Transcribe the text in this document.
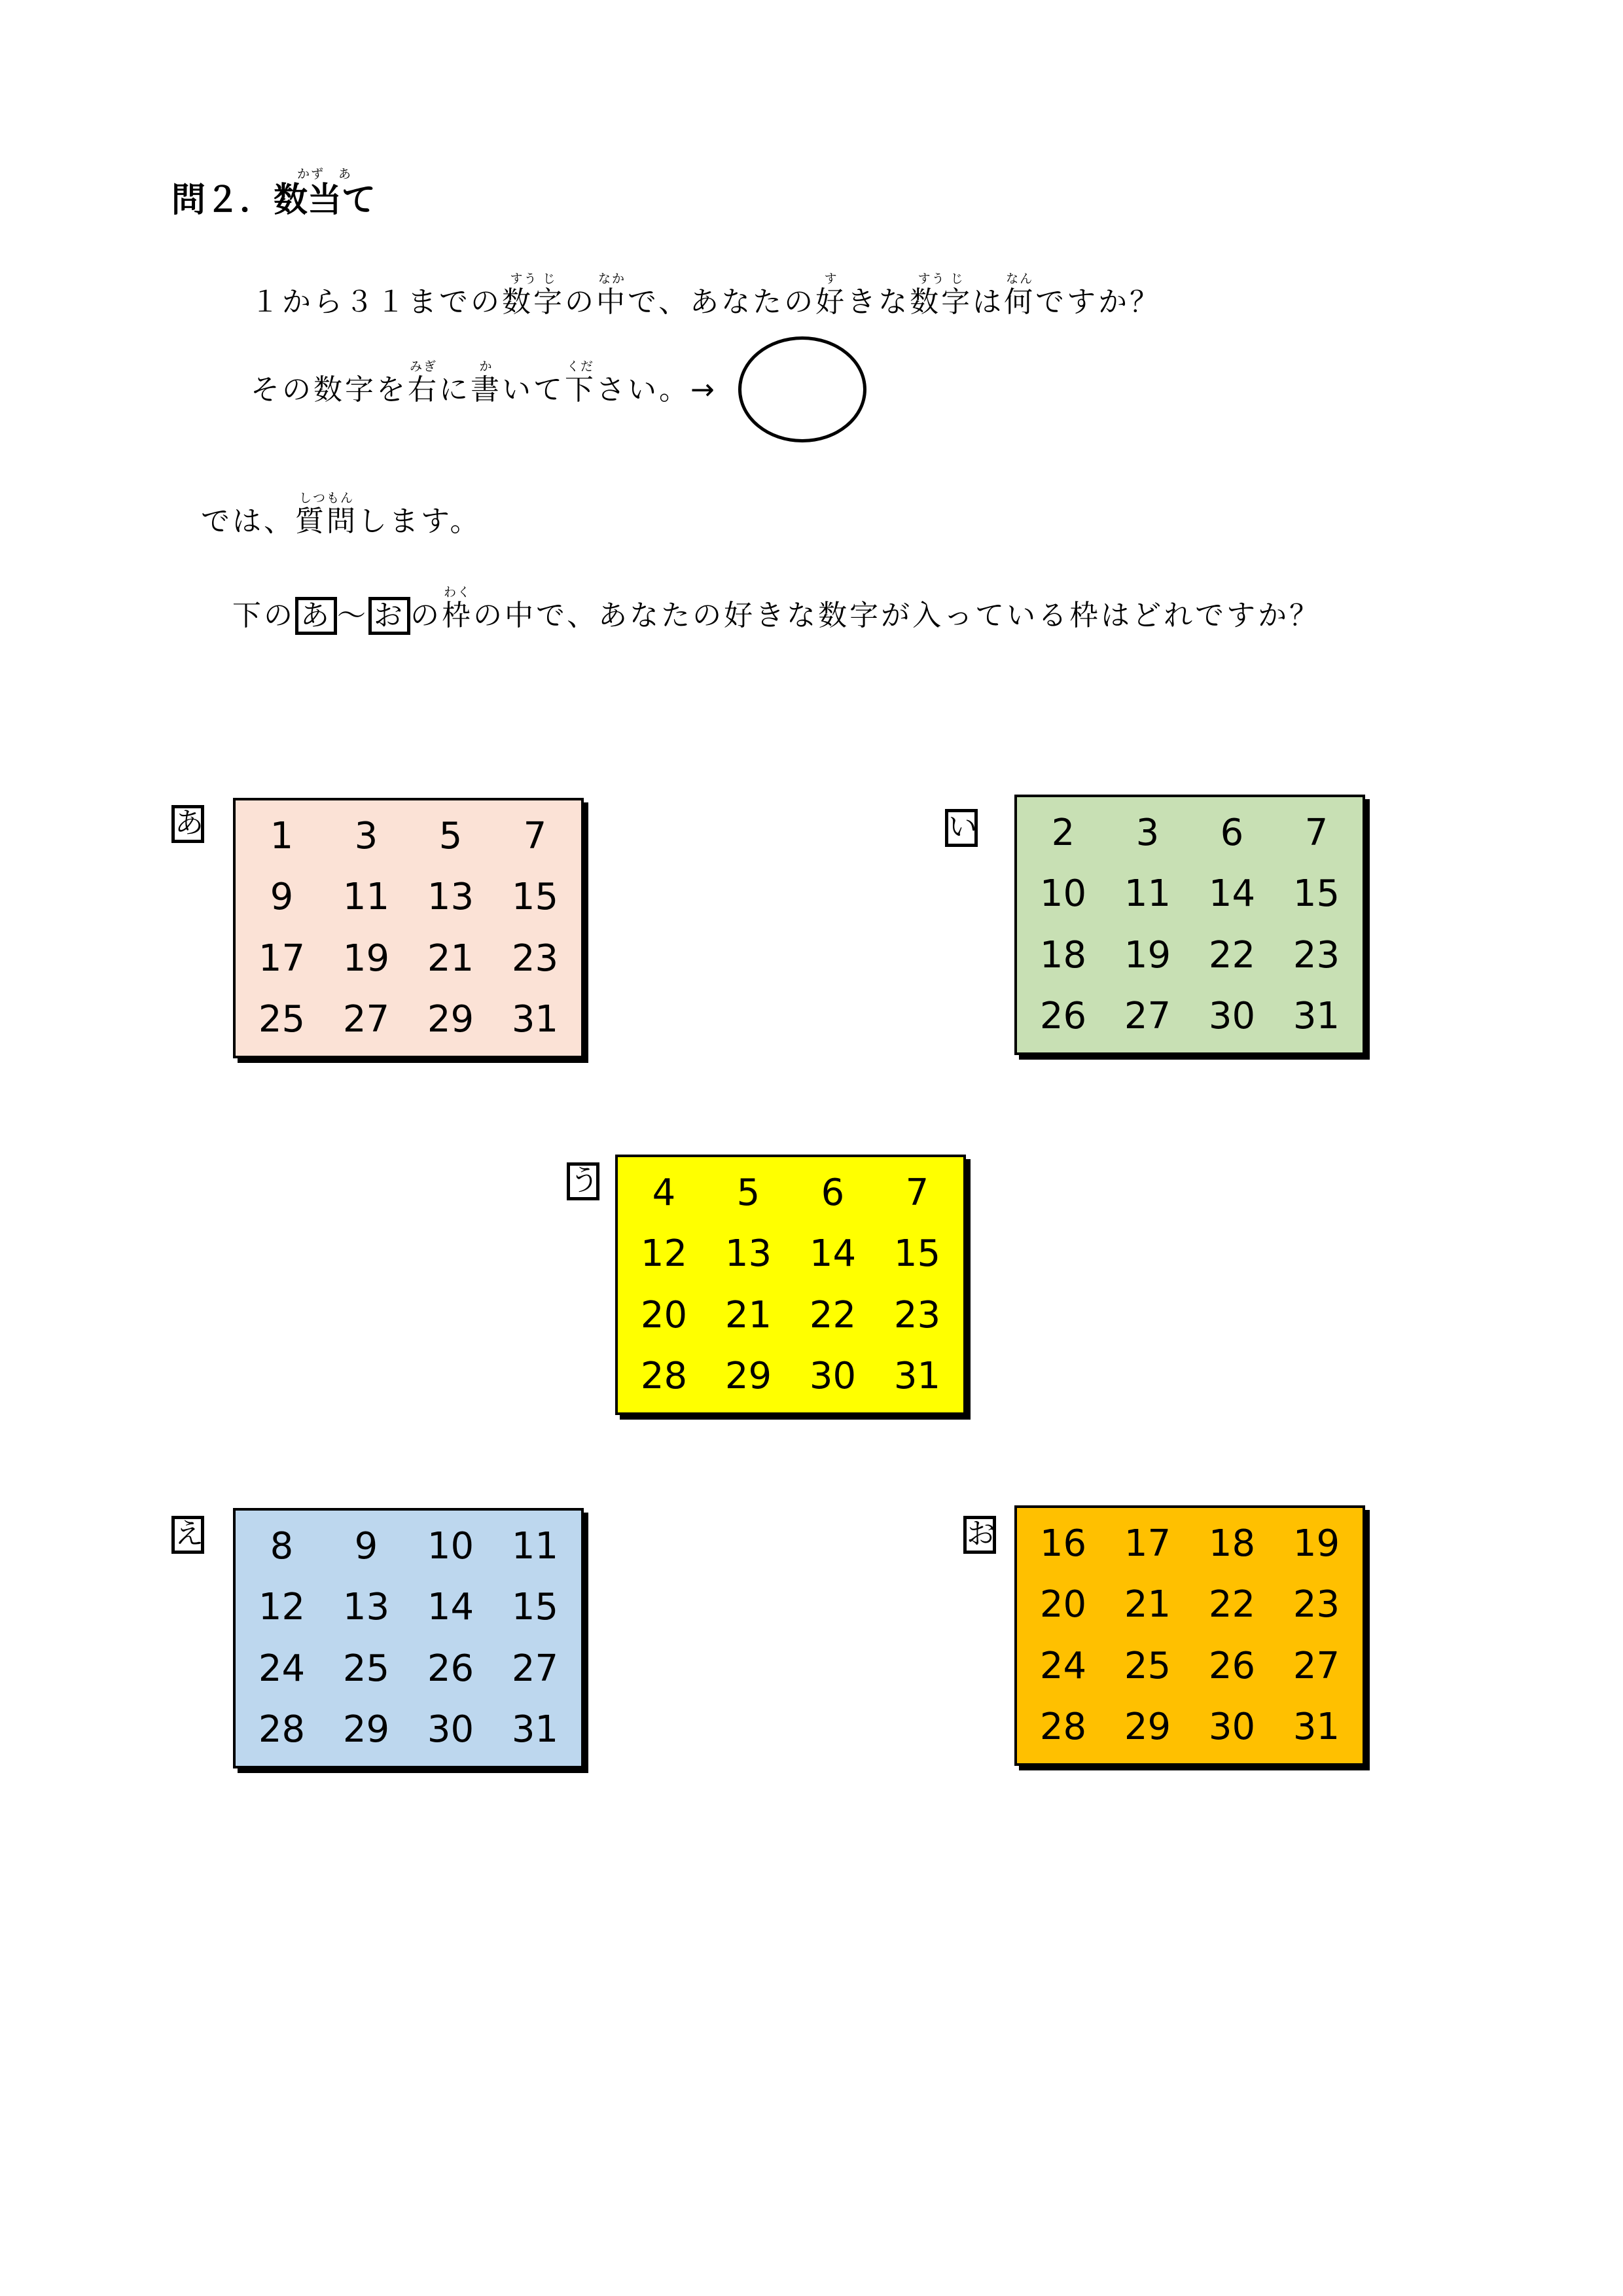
問２．
かず　あ
数当て
１から３１までの
すう じ
数字の
なか
中で、あなたの
す
好きな
すう じ
数字は
なん
何ですか？
その数字を
みぎ
右に
か
書いて
くだ
下さい。→
では、
しつもん
質問します。
下の あ ～ お の
わく
枠の中で、あなたの好きな数字が入っている枠はどれですか？
あ	1	3	5	7
9	11	13	15
17	19	21	23
25	27	29	31
い	2	3	6	7
10	11	14	15
18	19	22	23
26	27	30	31
う	4	5	6	7
12	13	14	15
20	21	22	23
28	29	30	31
え	8	9	10	11
12	13	14	15
24	25	26	27
28	29	30	31
お	16	17	18	19
20	21	22	23
24	25	26	27
28	29	30	31
